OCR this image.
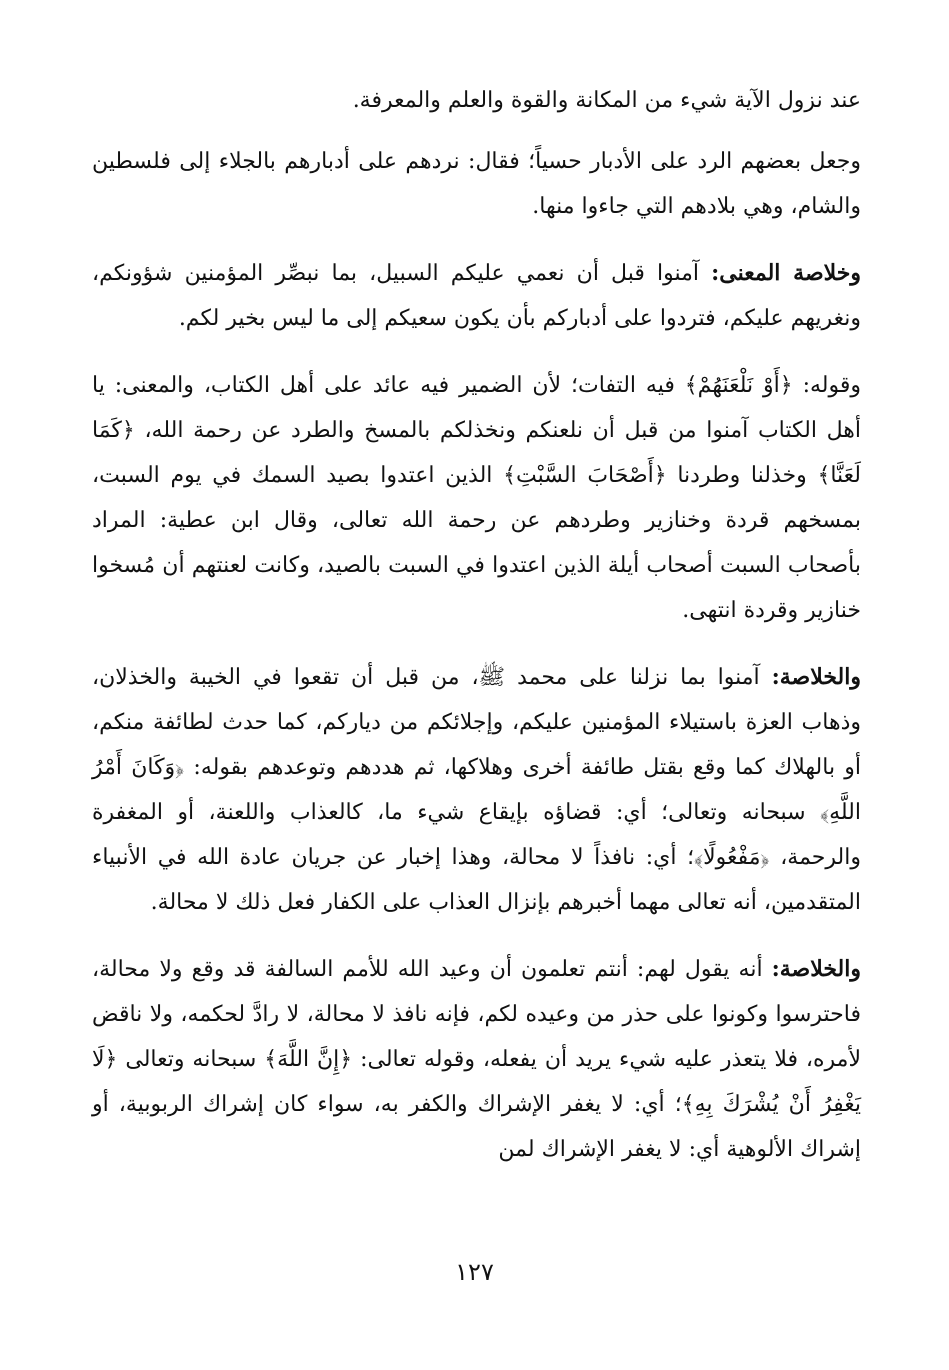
عند نزول الآية شيء من المكانة والقوة والعلم والمعرفة.

وجعل بعضهم الرد على الأدبار حسياً؛ فقال: نردهم على أدبارهم بالجلاء إلى فلسطين والشام، وهي بلادهم التي جاءوا منها.

وخلاصة المعنى: آمنوا قبل أن نعمي عليكم السبيل، بما نبصِّر المؤمنين شؤونكم، ونغريهم عليكم، فتردوا على أدباركم بأن يكون سعيكم إلى ما ليس بخير لكم.

وقوله: ﴿أَوْ نَلْعَنَهُمْ﴾ فيه التفات؛ لأن الضمير فيه عائد على أهل الكتاب، والمعنى: يا أهل الكتاب آمنوا من قبل أن نلعنكم ونخذلكم بالمسخ والطرد عن رحمة الله، ﴿كَمَا لَعَنَّا﴾ وخذلنا وطردنا ﴿أَصْحَابَ السَّبْتِ﴾ الذين اعتدوا بصيد السمك في يوم السبت، بمسخهم قردة وخنازير وطردهم عن رحمة الله تعالى، وقال ابن عطية: المراد بأصحاب السبت أصحاب أيلة الذين اعتدوا في السبت بالصيد، وكانت لعنتهم أن مُسخوا خنازير وقردة انتهى.

والخلاصة: آمنوا بما نزلنا على محمد ﷺ، من قبل أن تقعوا في الخيبة والخذلان، وذهاب العزة باستيلاء المؤمنين عليكم، وإجلائكم من دياركم، كما حدث لطائفة منكم، أو بالهلاك كما وقع بقتل طائفة أخرى وهلاكها، ثم هددهم وتوعدهم بقوله: ﴿وَكَانَ أَمْرُ اللَّهِ﴾ سبحانه وتعالى؛ أي: قضاؤه بإيقاع شيء ما، كالعذاب واللعنة، أو المغفرة والرحمة، ﴿مَفْعُولًا﴾؛ أي: نافذاً لا محالة، وهذا إخبار عن جريان عادة الله في الأنبياء المتقدمين، أنه تعالى مهما أخبرهم بإنزال العذاب على الكفار فعل ذلك لا محالة.

والخلاصة: أنه يقول لهم: أنتم تعلمون أن وعيد الله للأمم السالفة قد وقع ولا محالة، فاحترسوا وكونوا على حذر من وعيده لكم، فإنه نافذ لا محالة، لا رادَّ لحكمه، ولا ناقض لأمره، فلا يتعذر عليه شيء يريد أن يفعله، وقوله تعالى: ﴿إِنَّ اللَّهَ﴾ سبحانه وتعالى ﴿لَا يَغْفِرُ أَنْ يُشْرَكَ بِهِ﴾؛ أي: لا يغفر الإشراك والكفر به، سواء كان إشراك الربوبية، أو إشراك الألوهية أي: لا يغفر الإشراك لمن

١٢٧
